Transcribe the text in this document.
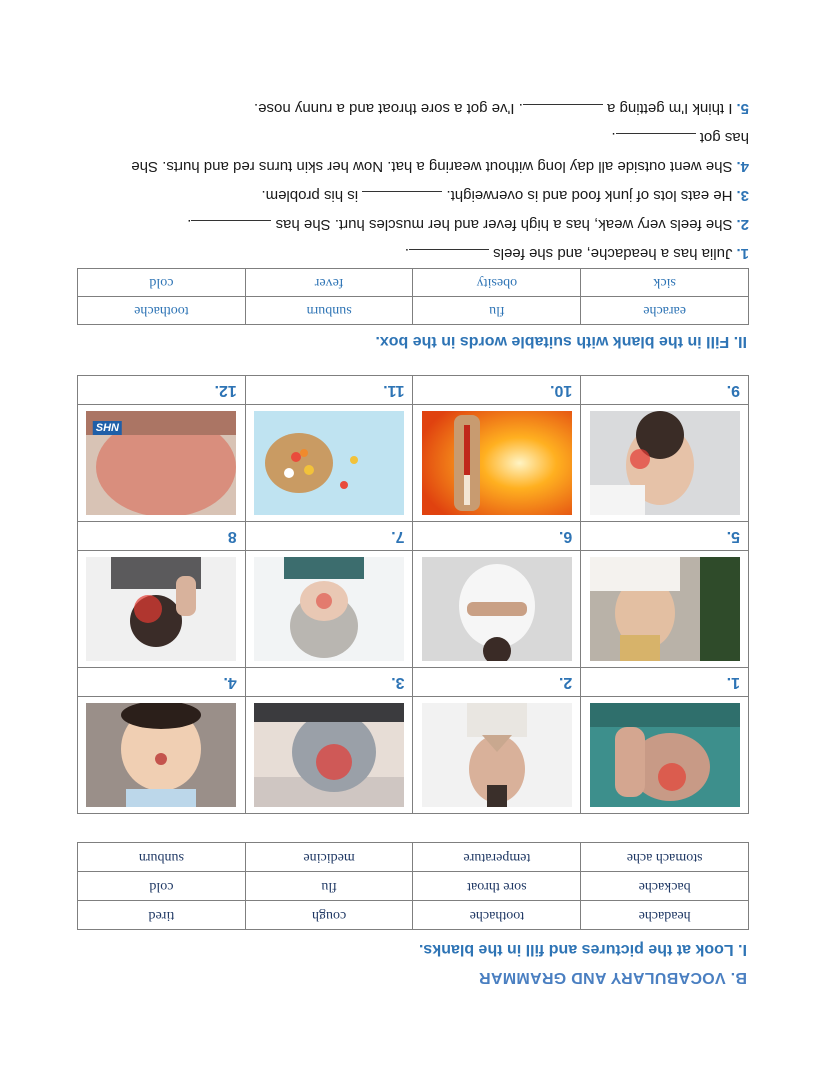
B. VOCABULARY AND GRAMMAR
I. Look at the pictures and fill in the blanks.
headache	toothache	cough	tired
backache	sore throat	flu	cold
stomach ache	temperature	medicine	sunburn

1.	2.	3.	4.

5.	6.	7.	8

SHN

9.	10.	11.	12.
II. Fill in the blank with suitable words in the box.
earache	flu	sunburn	toothache
sick	obesity	fever	cold
1.Julia has a headache, and she feels .
2.She feels very weak, has a high fever and her muscles hurt. She has .
3.He eats lots of junk food and is overweight.  is his problem.
4.She went outside all day long without wearing a hat. Now her skin turns red and hurts. She
has got .
5.I think I'm getting a . I've got a sore throat and a runny nose.
